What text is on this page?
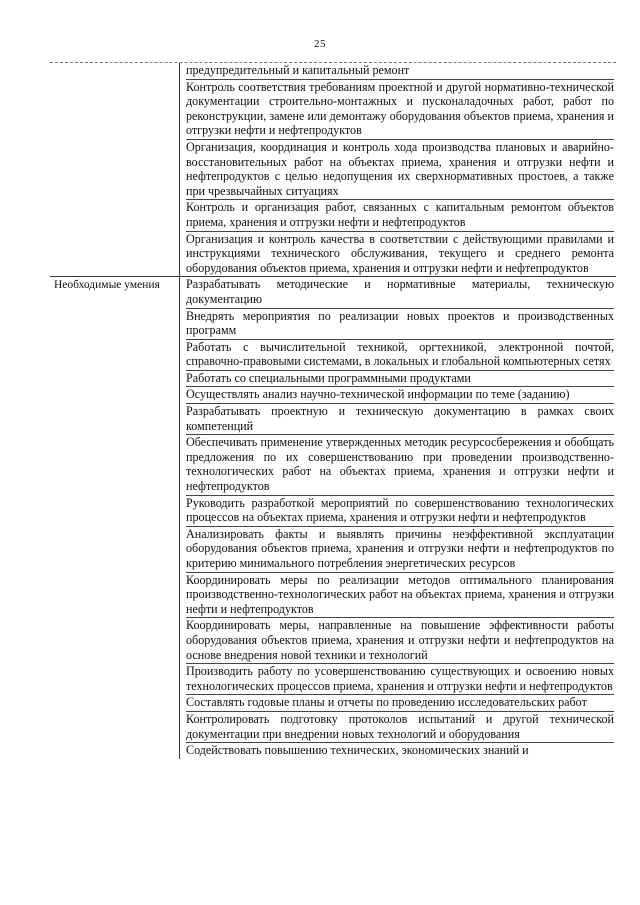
25
предупредительный и капитальный ремонт
Контроль соответствия требованиям проектной и другой нормативно-технической документации строительно-монтажных и пусконаладочных работ, работ по реконструкции, замене или демонтажу оборудования объектов приема, хранения и отгрузки нефти и нефтепродуктов
Организация, координация и контроль хода производства плановых и аварийно-восстановительных работ на объектах приема, хранения и отгрузки нефти и нефтепродуктов с целью недопущения их сверхнормативных простоев, а также при чрезвычайных ситуациях
Контроль и организация работ, связанных с капитальным ремонтом объектов приема, хранения и отгрузки нефти и нефтепродуктов
Организация и контроль качества в соответствии с действующими правилами и инструкциями технического обслуживания, текущего и среднего ремонта оборудования объектов приема, хранения и отгрузки нефти и нефтепродуктов
Необходимые умения	Разрабатывать методические и нормативные материалы, техническую документацию
Внедрять мероприятия по реализации новых проектов и производственных программ
Работать с вычислительной техникой, оргтехникой, электронной почтой, справочно-правовыми системами, в локальных и глобальной компьютерных сетях
Работать со специальными программными продуктами
Осуществлять анализ научно-технической информации по теме (заданию)
Разрабатывать проектную и техническую документацию в рамках своих компетенций
Обеспечивать применение утвержденных методик ресурсосбережения и обобщать предложения по их совершенствованию при проведении производственно-технологических работ на объектах приема, хранения и отгрузки нефти и нефтепродуктов
Руководить разработкой мероприятий по совершенствованию технологических процессов на объектах приема, хранения и отгрузки нефти и нефтепродуктов
Анализировать факты и выявлять причины неэффективной эксплуатации оборудования объектов приема, хранения и отгрузки нефти и нефтепродуктов по критерию минимального потребления энергетических ресурсов
Координировать меры по реализации методов оптимального планирования производственно-технологических работ на объектах приема, хранения и отгрузки нефти и нефтепродуктов
Координировать меры, направленные на повышение эффективности работы оборудования объектов приема, хранения и отгрузки нефти и нефтепродуктов на основе внедрения новой техники и технологий
Производить работу по усовершенствованию существующих и освоению новых технологических процессов приема, хранения и отгрузки нефти и нефтепродуктов
Составлять годовые планы и отчеты по проведению исследовательских работ
Контролировать подготовку протоколов испытаний и другой технической документации при внедрении новых технологий и оборудования
Содействовать повышению технических, экономических знаний и
